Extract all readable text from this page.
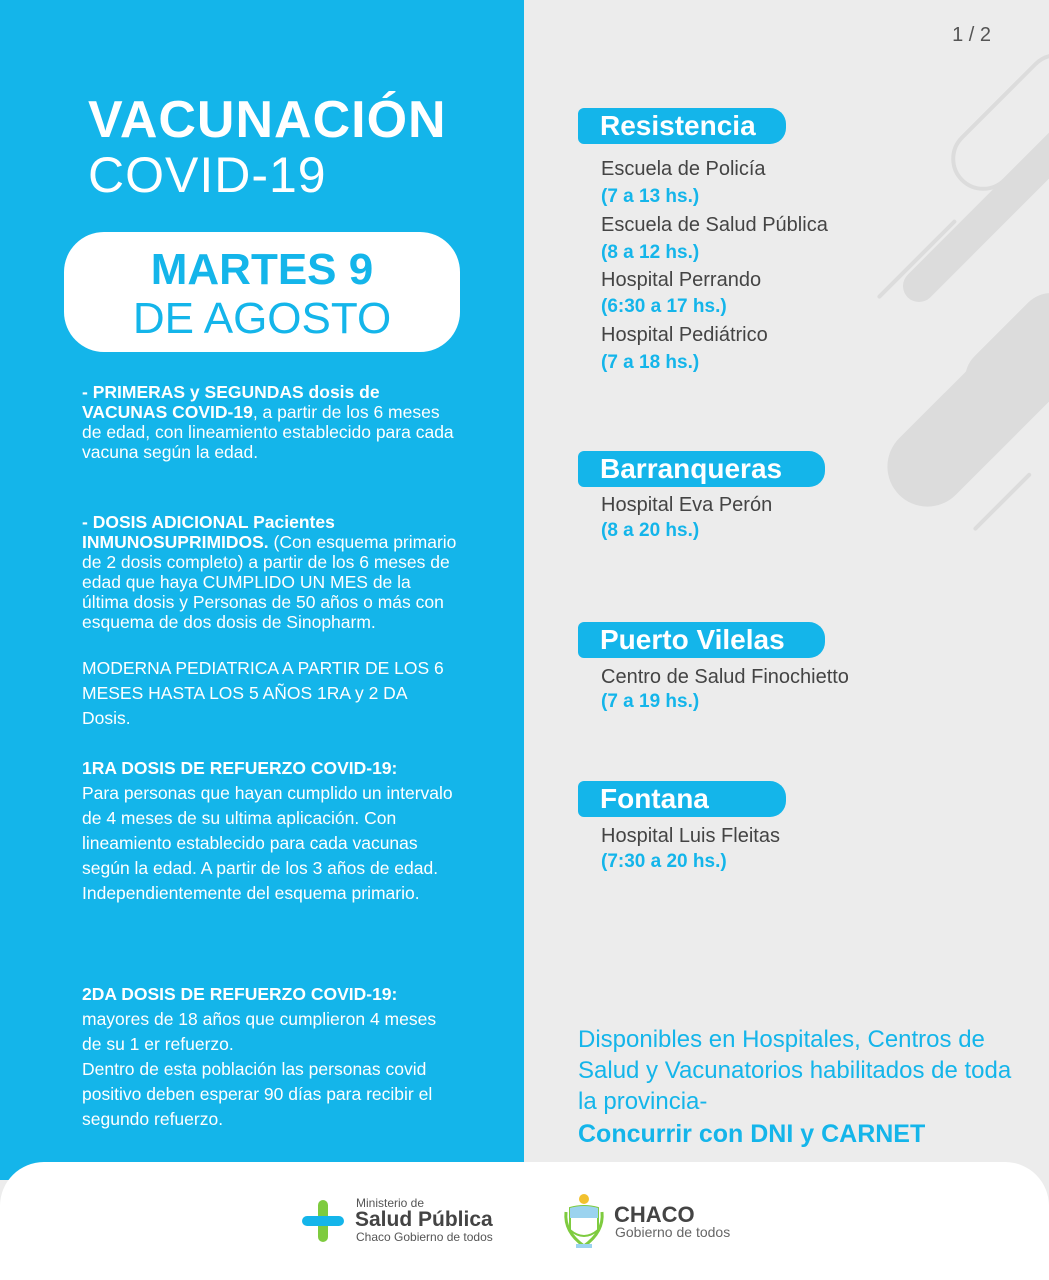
1 / 2
VACUNACIÓN
COVID-19
MARTES 9
DE AGOSTO

- PRIMERAS y SEGUNDAS dosis de VACUNAS COVID-19, a partir de los 6 meses de edad, con lineamiento establecido para cada vacuna según la edad.

- DOSIS ADICIONAL Pacientes INMUNOSUPRIMIDOS. (Con esquema primario de 2 dosis completo) a partir de los 6 meses de edad que haya CUMPLIDO UN MES de la última dosis y Personas de 50 años o más con esquema de dos dosis de Sinopharm.

MODERNA PEDIATRICA A PARTIR DE LOS 6 MESES HASTA LOS 5 AÑOS 1RA y 2 DA Dosis.

1RA DOSIS DE REFUERZO COVID-19:
Para personas que hayan cumplido un intervalo de 4 meses de su ultima aplicación. Con lineamiento establecido para cada vacunas según la edad. A partir de los 3 años de edad. Independientemente del esquema primario.

2DA DOSIS DE REFUERZO COVID-19:
mayores de 18 años que cumplieron 4 meses de su 1 er refuerzo.
Dentro de esta población las personas covid positivo deben esperar 90 días para recibir el segundo refuerzo.

Resistencia
Escuela de Policía
(7 a 13 hs.)
Escuela de Salud Pública
(8 a 12 hs.)
Hospital Perrando
(6:30 a 17 hs.)
Hospital Pediátrico
(7 a 18 hs.)
Barranqueras
Hospital Eva Perón
(8 a 20 hs.)
Puerto Vilelas
Centro de Salud Finochietto
(7 a 19 hs.)
Fontana
Hospital Luis Fleitas
(7:30 a 20 hs.)

Disponibles en Hospitales, Centros de Salud y Vacunatorios habilitados de toda la provincia-

Concurrir con DNI y CARNET
Ministerio de
Salud Pública
Chaco Gobierno de todos
CHACO
Gobierno de todos
